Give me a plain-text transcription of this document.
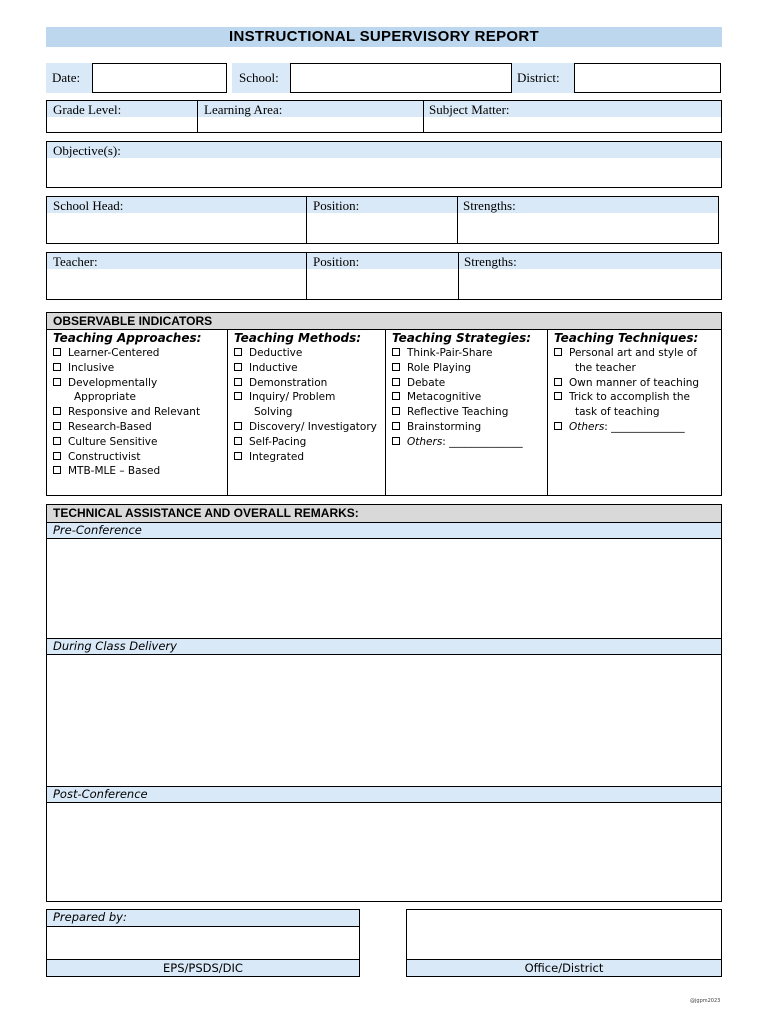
INSTRUCTIONAL SUPERVISORY REPORT
Date:	School:	District:
Grade Level:	Learning Area:	Subject Matter:
Objective(s):
School Head:	Position:	Strengths:
Teacher:	Position:	Strengths:
OBSERVABLE INDICATORS
Teaching Approaches:
Learner-Centered
Inclusive
Developmentally
Appropriate
Responsive and Relevant
Research-Based
Culture Sensitive
Constructivist
MTB-MLE – Based
Teaching Methods:
Deductive
Inductive
Demonstration
Inquiry/ Problem
Solving
Discovery/ Investigatory
Self-Pacing
Integrated
Teaching Strategies:
Think-Pair-Share
Role Playing
Debate
Metacognitive
Reflective Teaching
Brainstorming
Others: ______________
Teaching Techniques:
Personal art and style of
the teacher
Own manner of teaching
Trick to accomplish the
task of teaching
Others: ______________
TECHNICAL ASSISTANCE AND OVERALL REMARKS:
Pre-Conference
During Class Delivery
Post-Conference
Prepared by:
EPS/PSDS/DIC	Office/District
@jgpm2023
